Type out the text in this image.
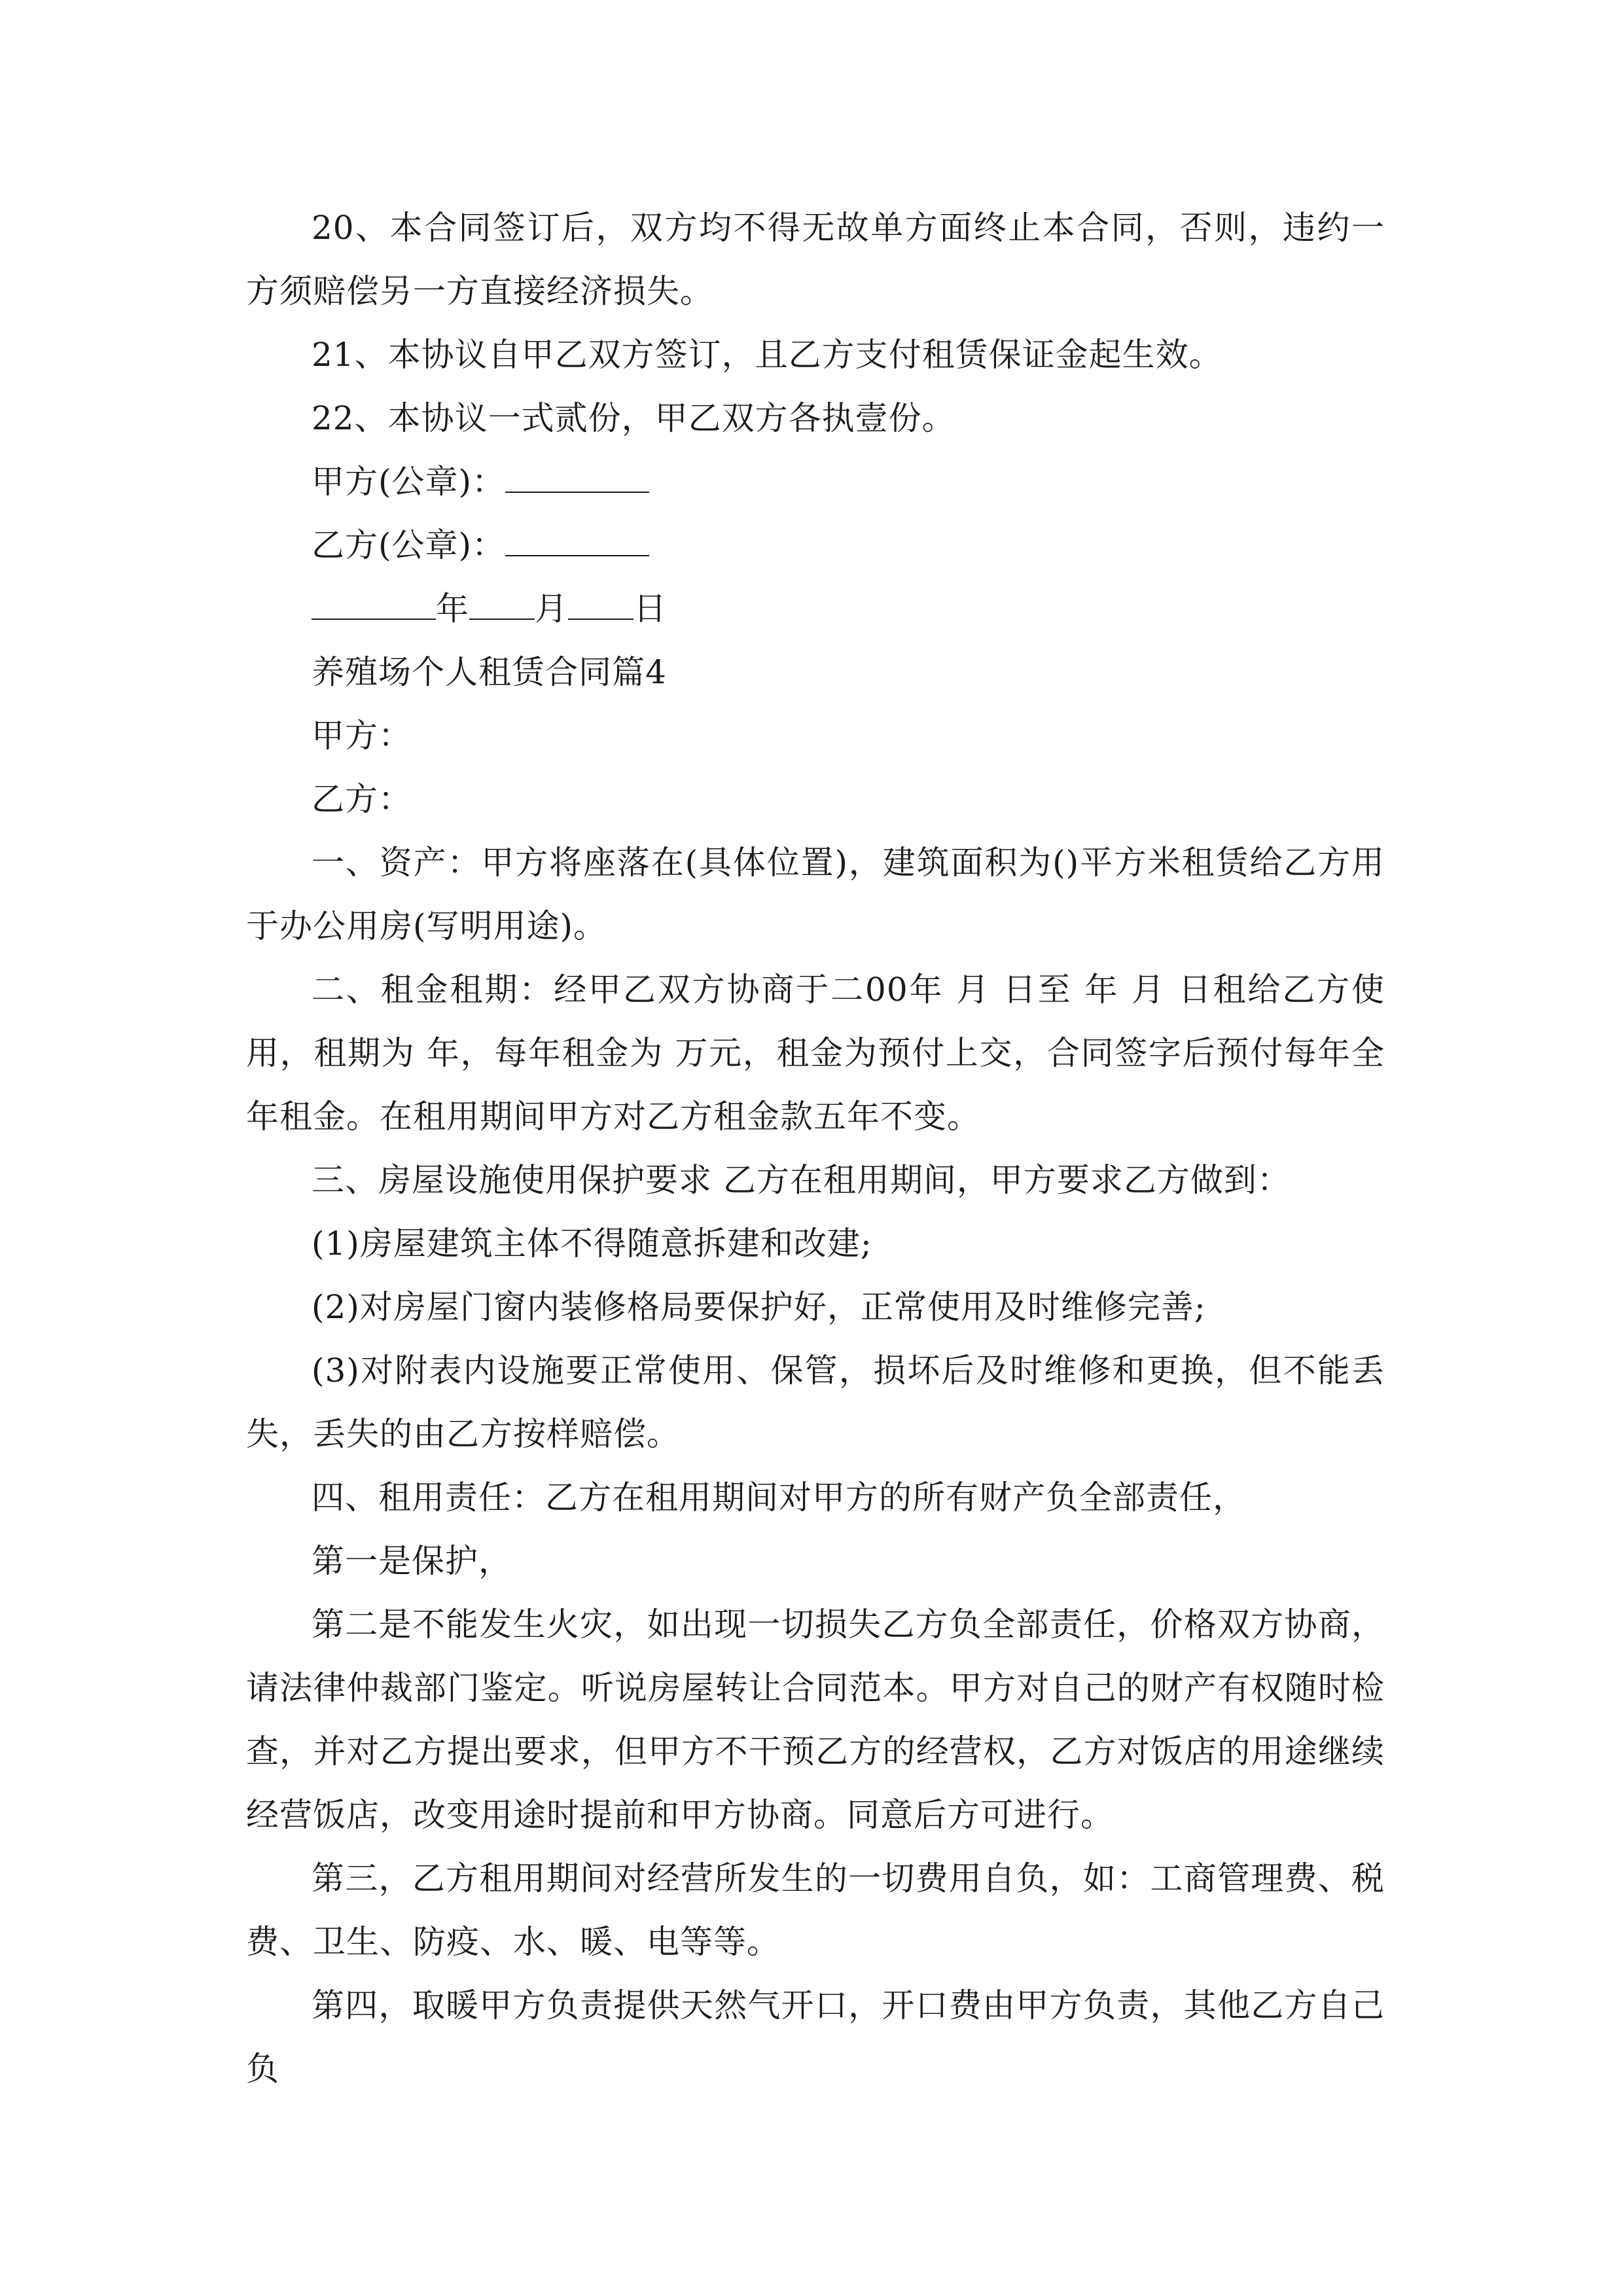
20、本合同签订后，双方均不得无故单方面终止本合同，否则，违约一方须赔偿另一方直接经济损失。

21、本协议自甲乙双方签订，且乙方支付租赁保证金起生效。

22、本协议一式贰份，甲乙双方各执壹份。

甲方(公章)：

乙方(公章)：

年 月 日

养殖场个人租赁合同篇4

甲方：

乙方：

一、资产：甲方将座落在(具体位置)，建筑面积为()平方米租赁给乙方用于办公用房(写明用途)。

二、租金租期：经甲乙双方协商于二00年 月 日至 年 月 日租给乙方使用，租期为 年，每年租金为 万元，租金为预付上交，合同签字后预付每年全年租金。在租用期间甲方对乙方租金款五年不变。

三、房屋设施使用保护要求 乙方在租用期间，甲方要求乙方做到：

(1)房屋建筑主体不得随意拆建和改建;

(2)对房屋门窗内装修格局要保护好，正常使用及时维修完善;

(3)对附表内设施要正常使用、保管，损坏后及时维修和更换，但不能丢失，丢失的由乙方按样赔偿。

四、租用责任：乙方在租用期间对甲方的所有财产负全部责任，

第一是保护，

第二是不能发生火灾，如出现一切损失乙方负全部责任，价格双方协商，请法律仲裁部门鉴定。听说房屋转让合同范本。甲方对自己的财产有权随时检查，并对乙方提出要求，但甲方不干预乙方的经营权，乙方对饭店的用途继续经营饭店，改变用途时提前和甲方协商。同意后方可进行。

第三，乙方租用期间对经营所发生的一切费用自负，如：工商管理费、税费、卫生、防疫、水、暖、电等等。

第四，取暖甲方负责提供天然气开口，开口费由甲方负责，其他乙方自己负
